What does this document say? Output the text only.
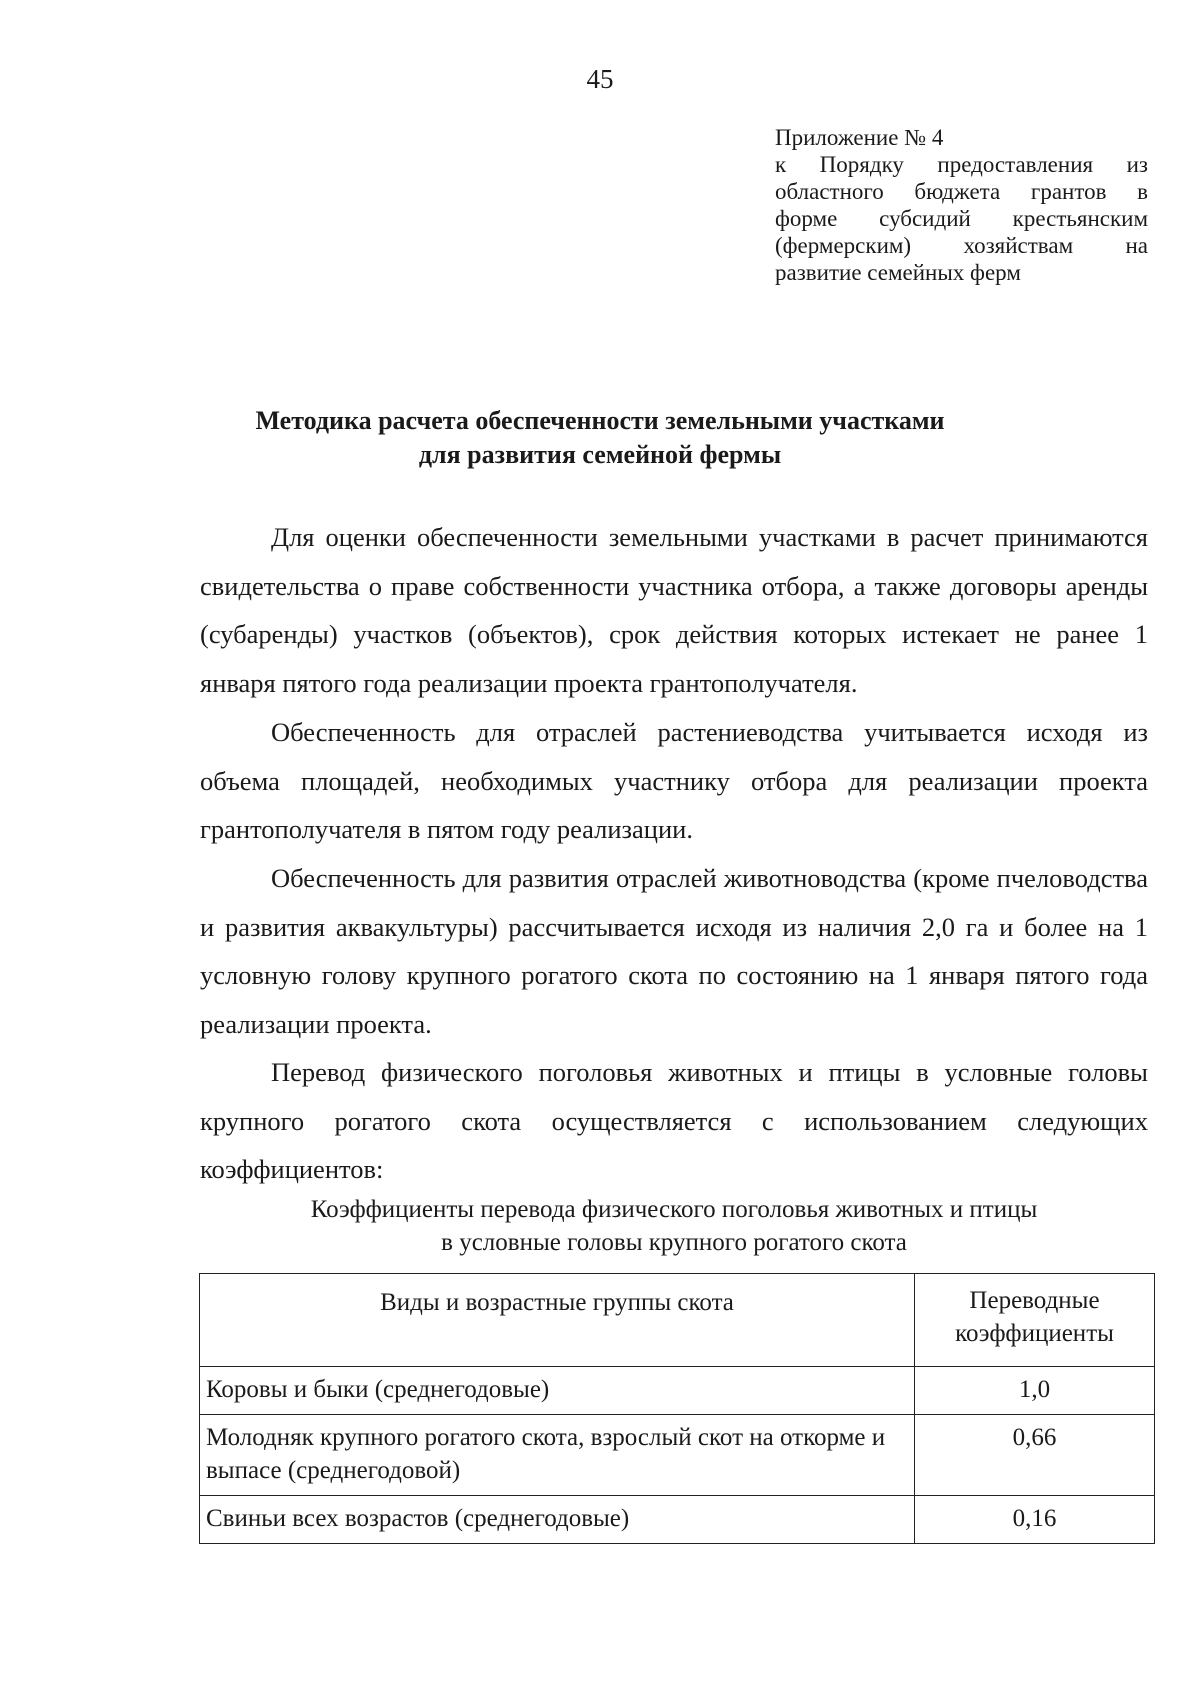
45
Приложение № 4
к Порядку предоставления из
областного бюджета грантов в
форме субсидий крестьянским
(фермерским) хозяйствам на
развитие семейных ферм
Методика расчета обеспеченности земельными участками
для развития семейной фермы

Для оценки обеспеченности земельными участками в расчет принимаются свидетельства о праве собственности участника отбора, а также договоры аренды (субаренды) участков (объектов), срок действия которых истекает не ранее 1 января пятого года реализации проекта грантополучателя.

Обеспеченность для отраслей растениеводства учитывается исходя из объема площадей, необходимых участнику отбора для реализации проекта грантополучателя в пятом году реализации.

Обеспеченность для развития отраслей животноводства (кроме пчеловодства и развития аквакультуры) рассчитывается исходя из наличия 2,0 га и более на 1 условную голову крупного рогатого скота по состоянию на 1 января пятого года реализации проекта.

Перевод физического поголовья животных и птицы в условные головы крупного рогатого скота осуществляется с использованием следующих коэффициентов:

Коэффициенты перевода физического поголовья животных и птицы
в условные головы крупного рогатого скота
Виды и возрастные группы скота	Переводные коэффициенты
Коровы и быки (среднегодовые)	1,0
Молодняк крупного рогатого скота, взрослый скот на откорме и выпасе (среднегодовой)	0,66
Свиньи всех возрастов (среднегодовые)	0,16
